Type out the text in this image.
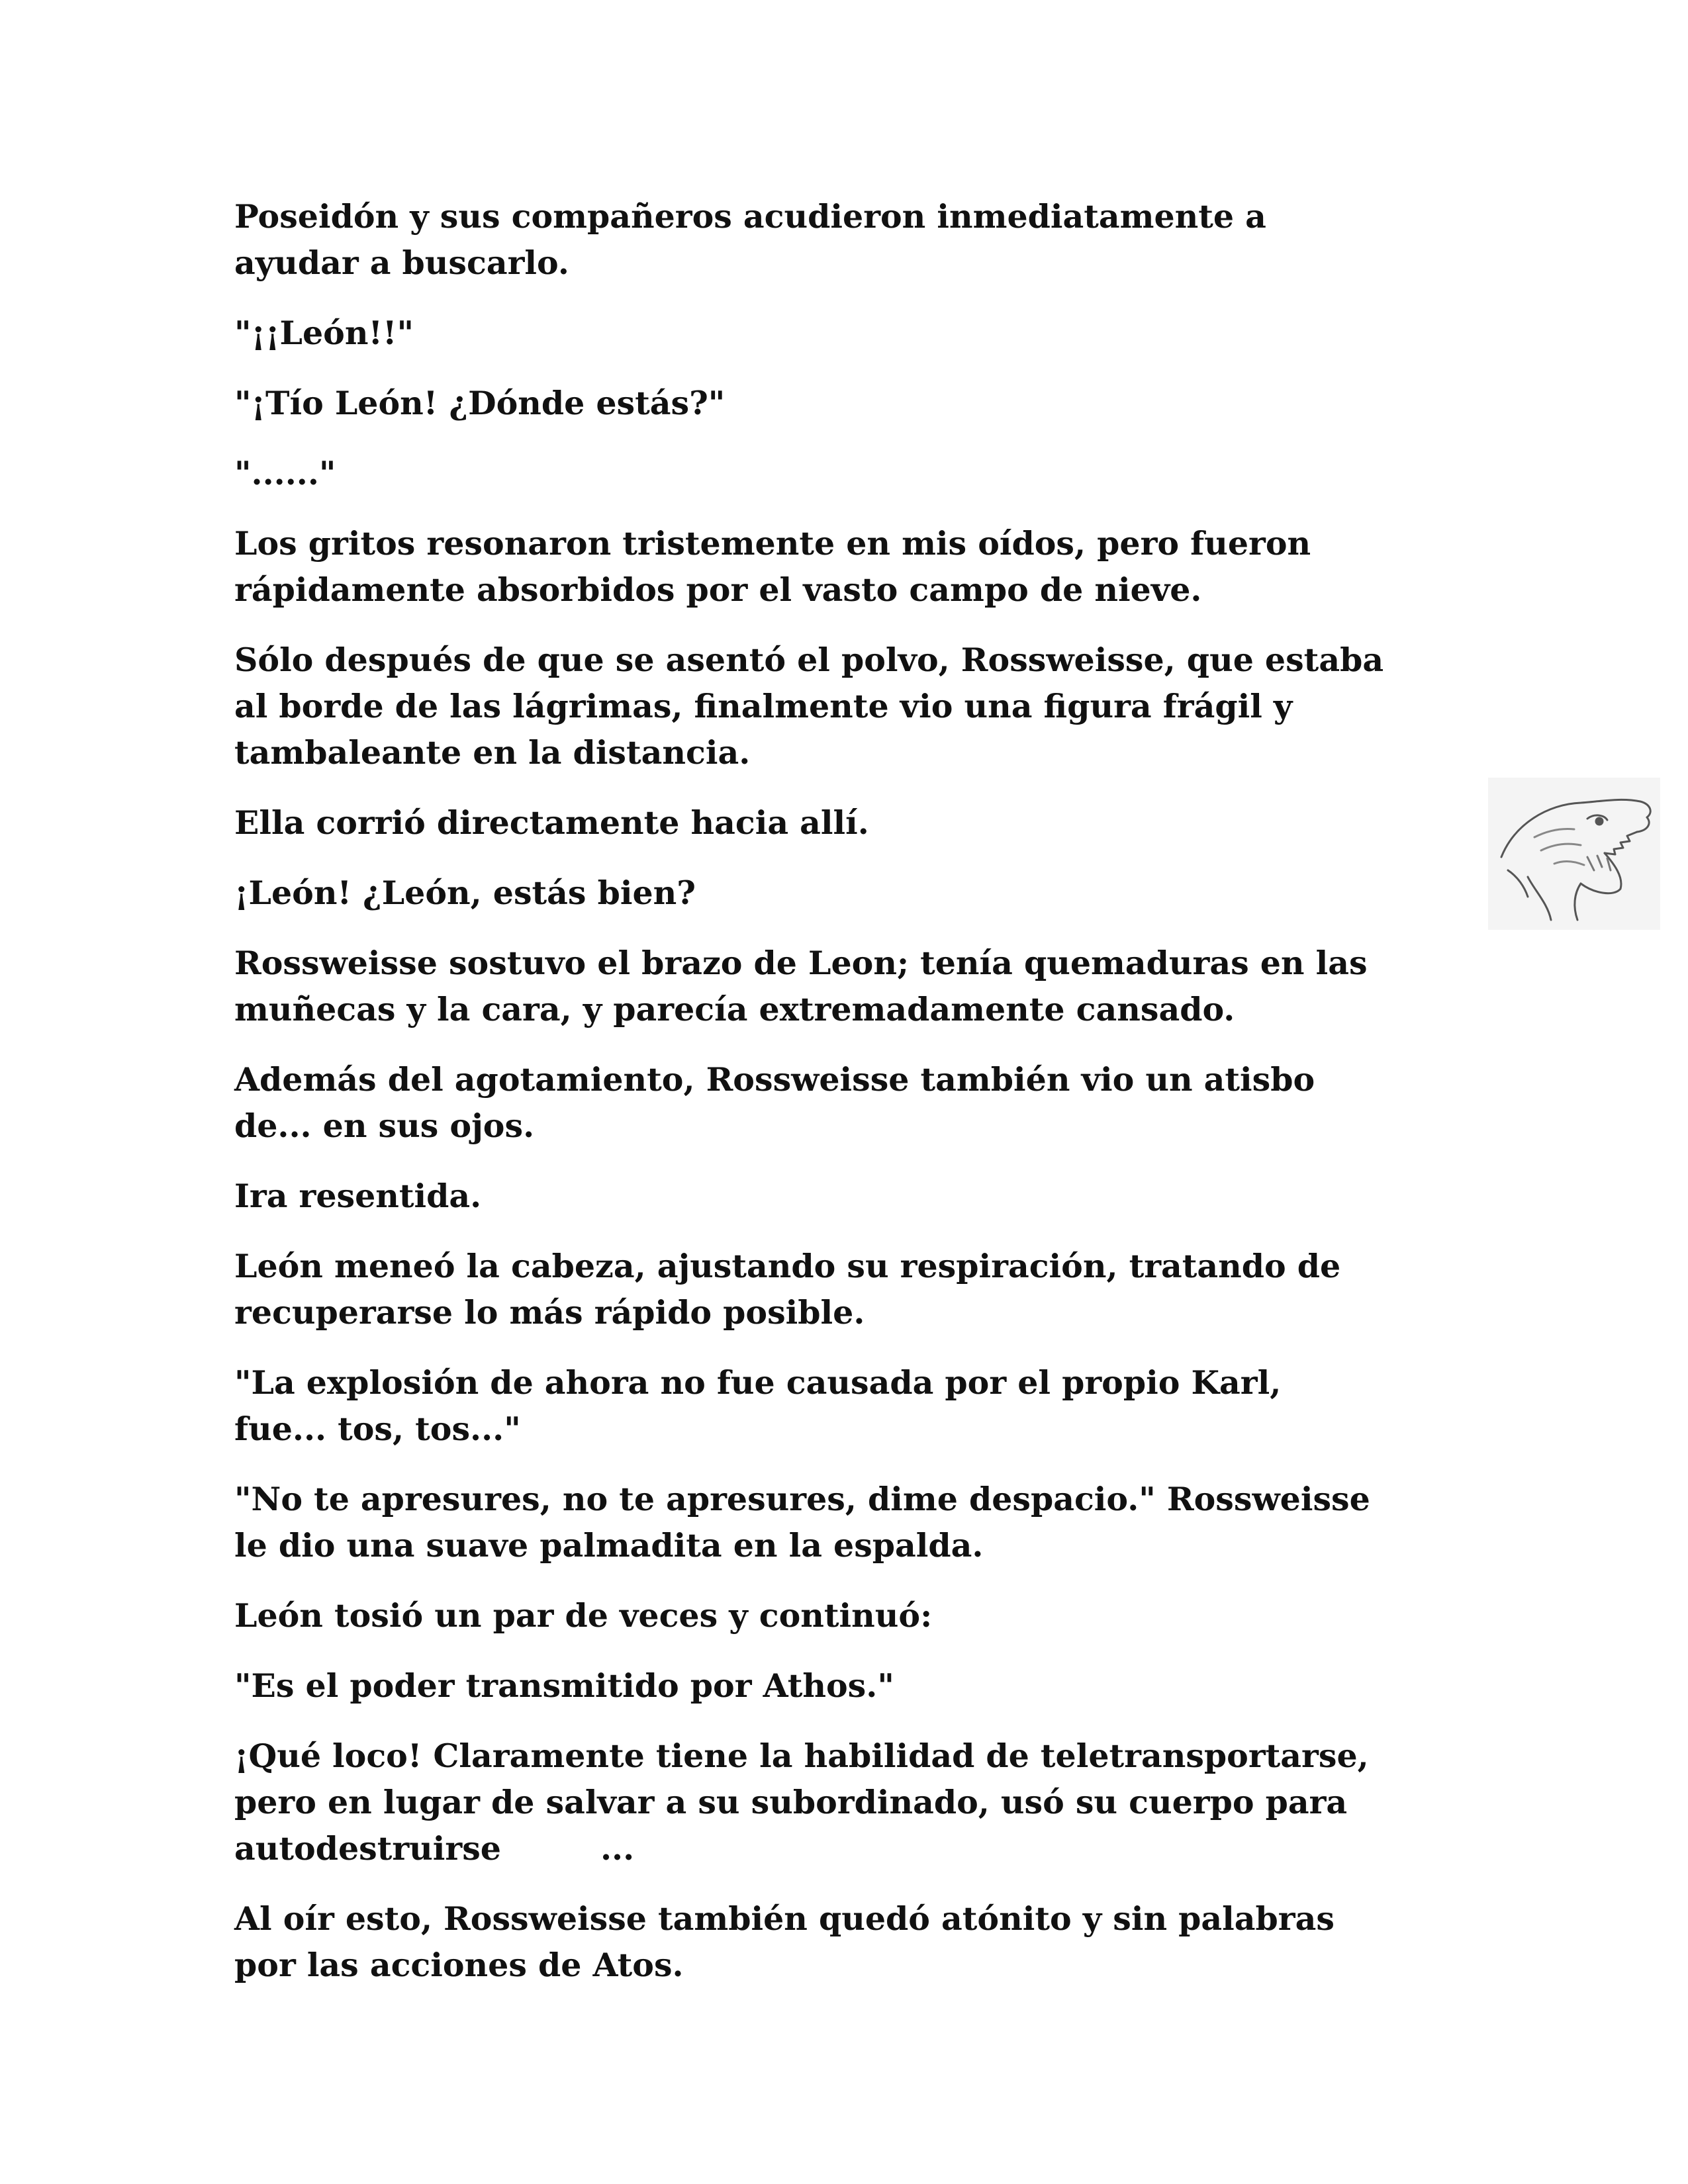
Poseidón y sus compañeros acudieron inmediatamente a
ayudar a buscarlo.

"¡¡León!!"

"¡Tío León! ¿Dónde estás?"

"......"

Los gritos resonaron tristemente en mis oídos, pero fueron
rápidamente absorbidos por el vasto campo de nieve.

Sólo después de que se asentó el polvo, Rossweisse, que estaba
al borde de las lágrimas, finalmente vio una figura frágil y
tambaleante en la distancia.

Ella corrió directamente hacia allí.

¡León! ¿León, estás bien?

Rossweisse sostuvo el brazo de Leon; tenía quemaduras en las
muñecas y la cara, y parecía extremadamente cansado.

Además del agotamiento, Rossweisse también vio un atisbo
de... en sus ojos.

Ira resentida.

León meneó la cabeza, ajustando su respiración, tratando de
recuperarse lo más rápido posible.

"La explosión de ahora no fue causada por el propio Karl,
fue... tos, tos..."

"No te apresures, no te apresures, dime despacio." Rossweisse
le dio una suave palmadita en la espalda.

León tosió un par de veces y continuó:

"Es el poder transmitido por Athos."

¡Qué loco! Claramente tiene la habilidad de teletransportarse,
pero en lugar de salvar a su subordinado, usó su cuerpo para
autodestruirse	...

Al oír esto, Rossweisse también quedó atónito y sin palabras
por las acciones de Atos.
